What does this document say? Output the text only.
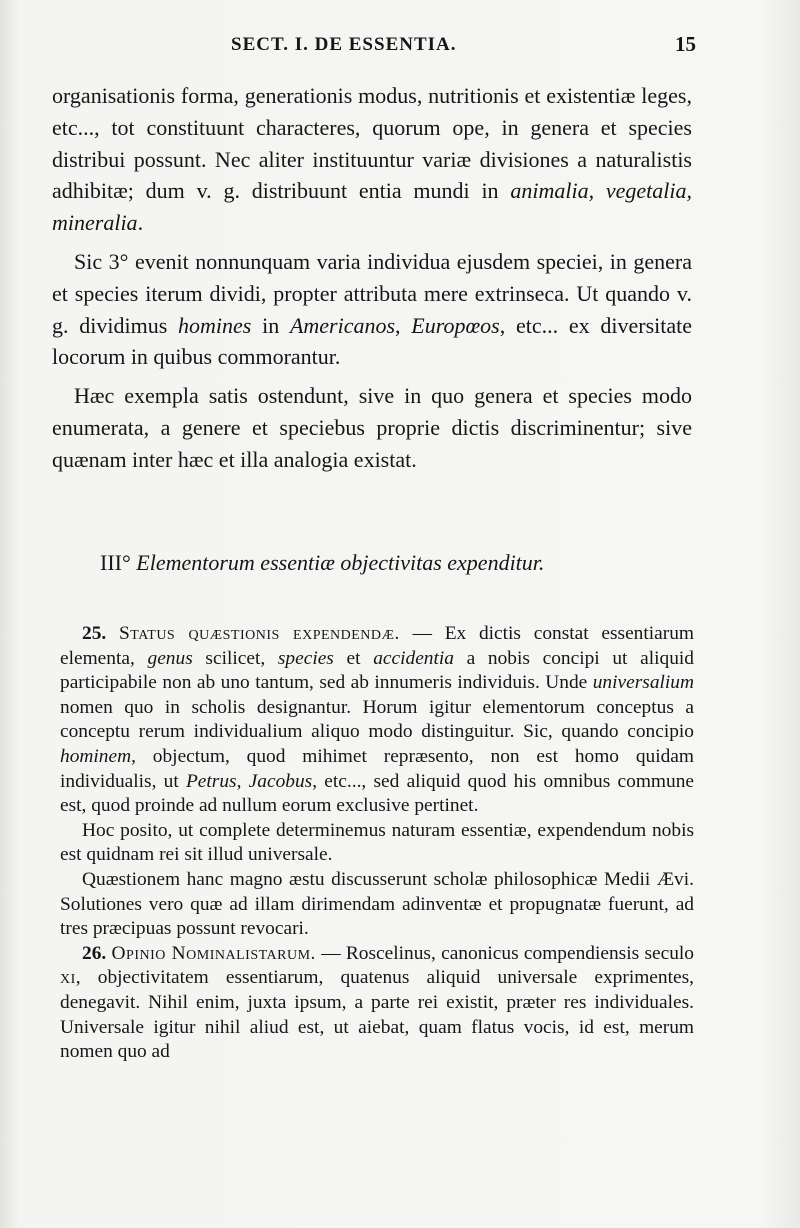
SECT. I. DE ESSENTIA.	15

organisationis forma, generationis modus, nutritionis et existentiæ leges, etc..., tot constituunt characteres, quorum ope, in genera et species distribui possunt. Nec aliter instituuntur variæ divisiones a naturalistis adhibitæ; dum v. g. distribuunt entia mundi in animalia, vegetalia, mineralia.

Sic 3° evenit nonnunquam varia individua ejusdem speciei, in genera et species iterum dividi, propter attributa mere extrinseca. Ut quando v. g. dividimus homines in Americanos, Europœos, etc... ex diversitate locorum in quibus commorantur.

Hæc exempla satis ostendunt, sive in quo genera et species modo enumerata, a genere et speciebus proprie dictis discriminentur; sive quænam inter hæc et illa analogia existat.

III° Elementorum essentiæ objectivitas expenditur.

25. Status quæstionis expendendæ. — Ex dictis constat essentiarum elementa, genus scilicet, species et accidentia a nobis concipi ut aliquid participabile non ab uno tantum, sed ab innumeris individuis. Unde universalium nomen quo in scholis designantur. Horum igitur elementorum conceptus a conceptu rerum individualium aliquo modo distinguitur. Sic, quando concipio hominem, objectum, quod mihimet repræsento, non est homo quidam individualis, ut Petrus, Jacobus, etc..., sed aliquid quod his omnibus commune est, quod proinde ad nullum eorum exclusive pertinet.

Hoc posito, ut complete determinemus naturam essentiæ, expendendum nobis est quidnam rei sit illud universale.

Quæstionem hanc magno æstu discusserunt scholæ philosophicæ Medii Ævi. Solutiones vero quæ ad illam dirimendam adinventæ et propugnatæ fuerunt, ad tres præcipuas possunt revocari.

26. Opinio Nominalistarum. — Roscelinus, canonicus compendiensis seculo xi, objectivitatem essentiarum, quatenus aliquid universale exprimentes, denegavit. Nihil enim, juxta ipsum, a parte rei existit, præter res individuales. Universale igitur nihil aliud est, ut aiebat, quam flatus vocis, id est, merum nomen quo ad
